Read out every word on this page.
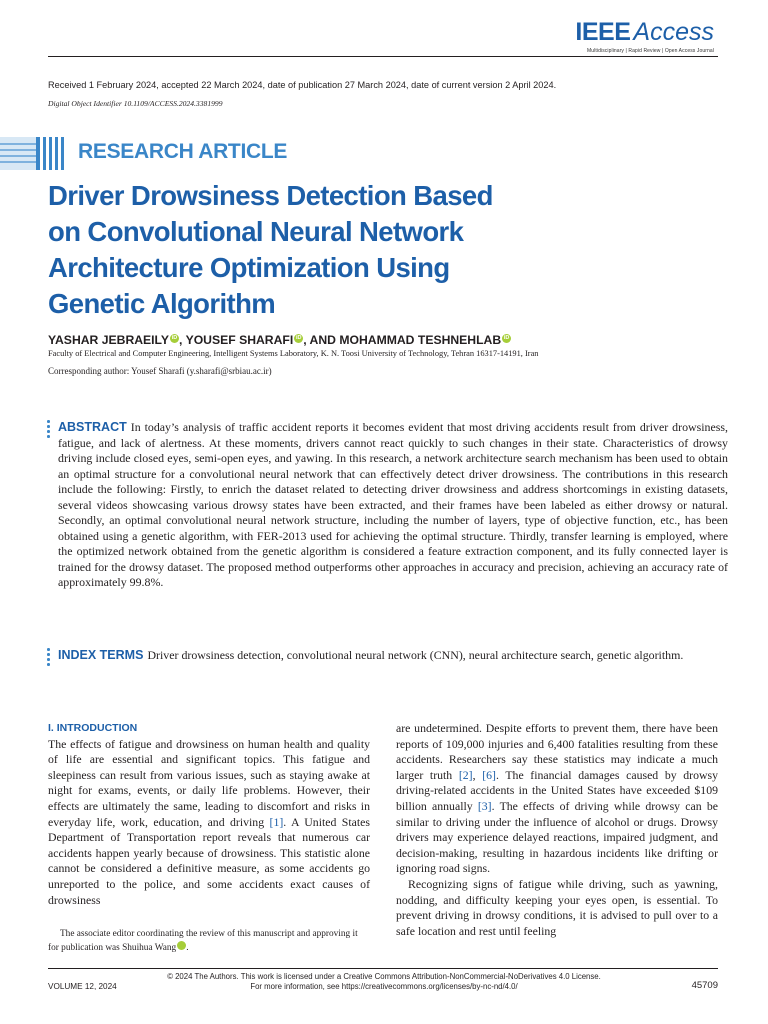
IEEE Access
Multidisciplinary | Rapid Review | Open Access Journal
Received 1 February 2024, accepted 22 March 2024, date of publication 27 March 2024, date of current version 2 April 2024.
Digital Object Identifier 10.1109/ACCESS.2024.3381999
RESEARCH ARTICLE
Driver Drowsiness Detection Based on Convolutional Neural Network Architecture Optimization Using Genetic Algorithm
YASHAR JEBRAEILY iD , YOUSEF SHARAFI iD , AND MOHAMMAD TESHNEHLAB iD
Faculty of Electrical and Computer Engineering, Intelligent Systems Laboratory, K. N. Toosi University of Technology, Tehran 16317-14191, Iran
Corresponding author: Yousef Sharafi (y.sharafi@srbiau.ac.ir)
ABSTRACT In today’s analysis of traffic accident reports it becomes evident that most driving accidents result from driver drowsiness, fatigue, and lack of alertness. At these moments, drivers cannot react quickly to such changes in their state. Characteristics of drowsy driving include closed eyes, semi-open eyes, and yawing. In this research, a network architecture search mechanism has been used to obtain an optimal structure for a convolutional neural network that can effectively detect driver drowsiness. The contributions in this research include the following: Firstly, to enrich the dataset related to detecting driver drowsiness and address shortcomings in existing datasets, several videos showcasing various drowsy states have been extracted, and their frames have been labeled as either drowsy or natural. Secondly, an optimal convolutional neural network structure, including the number of layers, type of objective function, etc., has been obtained using a genetic algorithm, with FER-2013 used for achieving the optimal structure. Thirdly, transfer learning is employed, where the optimized network obtained from the genetic algorithm is considered a feature extraction component, and its fully connected layer is trained for the drowsy dataset. The proposed method outperforms other approaches in accuracy and precision, achieving an accuracy rate of approximately 99.8%.
INDEX TERMS Driver drowsiness detection, convolutional neural network (CNN), neural architecture search, genetic algorithm.
I. INTRODUCTION
The effects of fatigue and drowsiness on human health and quality of life are essential and significant topics. This fatigue and sleepiness can result from various issues, such as staying awake at night for exams, events, or daily life problems. However, their effects are ultimately the same, leading to discomfort and risks in everyday life, work, education, and driving [1]. A United States Department of Transportation report reveals that numerous car accidents happen yearly because of drowsiness. This statistic alone cannot be considered a definitive measure, as some accidents go unreported to the police, and some accidents exact causes of drowsiness
The associate editor coordinating the review of this manuscript and approving it for publication was Shuihua Wang iD.

are undetermined. Despite efforts to prevent them, there have been reports of 109,000 injuries and 6,400 fatalities resulting from these accidents. Researchers say these statistics may indicate a much larger truth [2], [6]. The financial damages caused by drowsy driving-related accidents in the United States have exceeded $109 billion annually [3]. The effects of driving while drowsy can be similar to driving under the influence of alcohol or drugs. Drowsy drivers may experience delayed reactions, impaired judgment, and decision-making, resulting in hazardous incidents like drifting or ignoring road signs.

Recognizing signs of fatigue while driving, such as yawning, nodding, and difficulty keeping your eyes open, is essential. To prevent driving in drowsy conditions, it is advised to pull over to a safe location and rest until feeling

© 2024 The Authors. This work is licensed under a Creative Commons Attribution-NonCommercial-NoDerivatives 4.0 License.
For more information, see https://creativecommons.org/licenses/by-nc-nd/4.0/
VOLUME 12, 2024	45709
